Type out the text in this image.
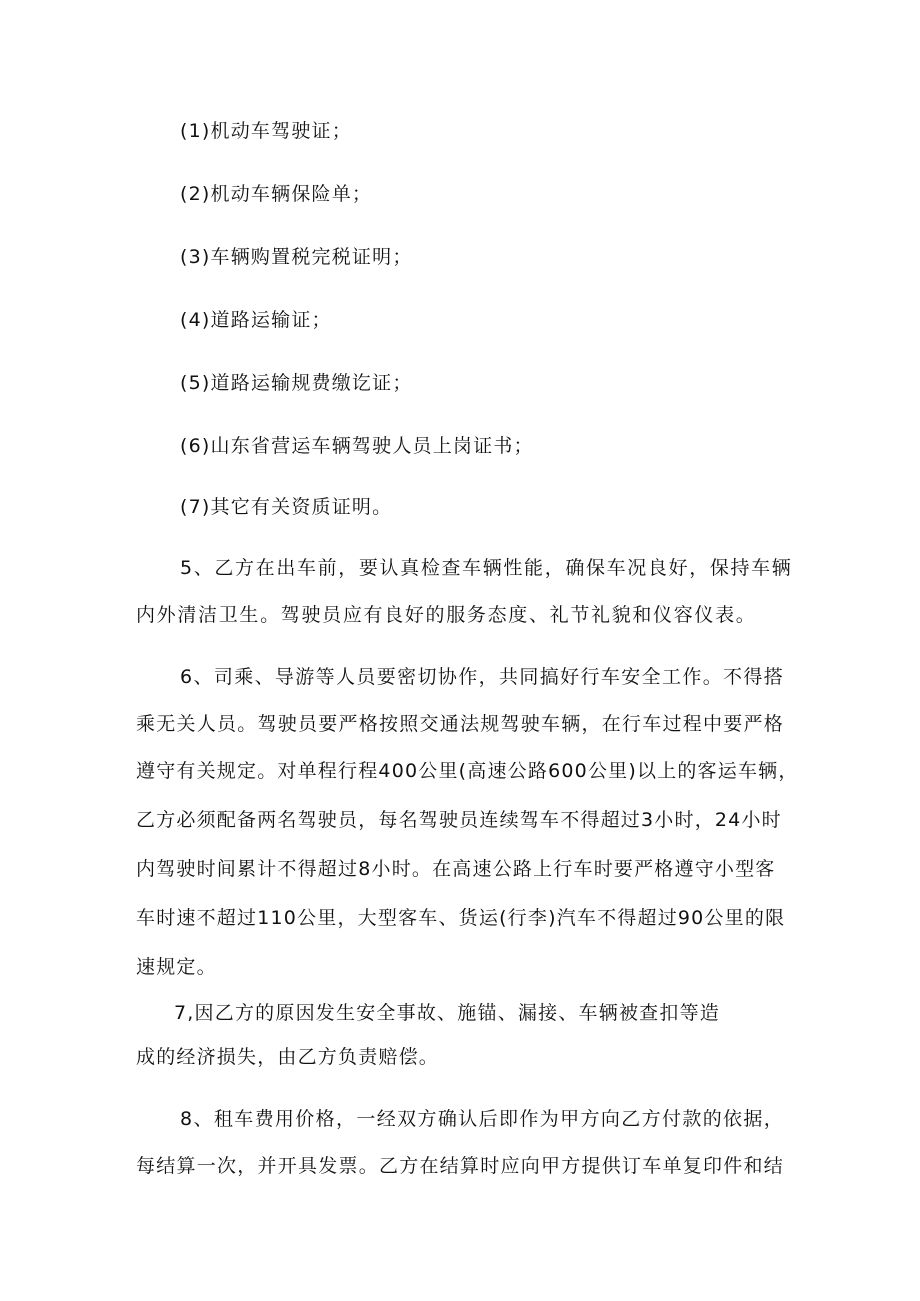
(1)机动车驾驶证；
(2)机动车辆保险单；
(3)车辆购置税完税证明；
(4)道路运输证；
(5)道路运输规费缴讫证；
(6)山东省营运车辆驾驶人员上岗证书；
(7)其它有关资质证明。
5、乙方在出车前，要认真检查车辆性能，确保车况良好，保持车辆
内外清洁卫生。驾驶员应有良好的服务态度、礼节礼貌和仪容仪表。
6、司乘、导游等人员要密切协作，共同搞好行车安全工作。不得搭
乘无关人员。驾驶员要严格按照交通法规驾驶车辆，在行车过程中要严格
遵守有关规定。对单程行程400公里(高速公路600公里)以上的客运车辆，
乙方必须配备两名驾驶员，每名驾驶员连续驾车不得超过3小时，24小时
内驾驶时间累计不得超过8小时。在高速公路上行车时要严格遵守小型客
车时速不超过110公里，大型客车、货运(行李)汽车不得超过90公里的限
速规定。
7,因乙方的原因发生安全事故、施锚、漏接、车辆被查扣等造
成的经济损失，由乙方负责赔偿。
8、租车费用价格，一经双方确认后即作为甲方向乙方付款的依据，
每结算一次，并开具发票。乙方在结算时应向甲方提供订车单复印件和结
